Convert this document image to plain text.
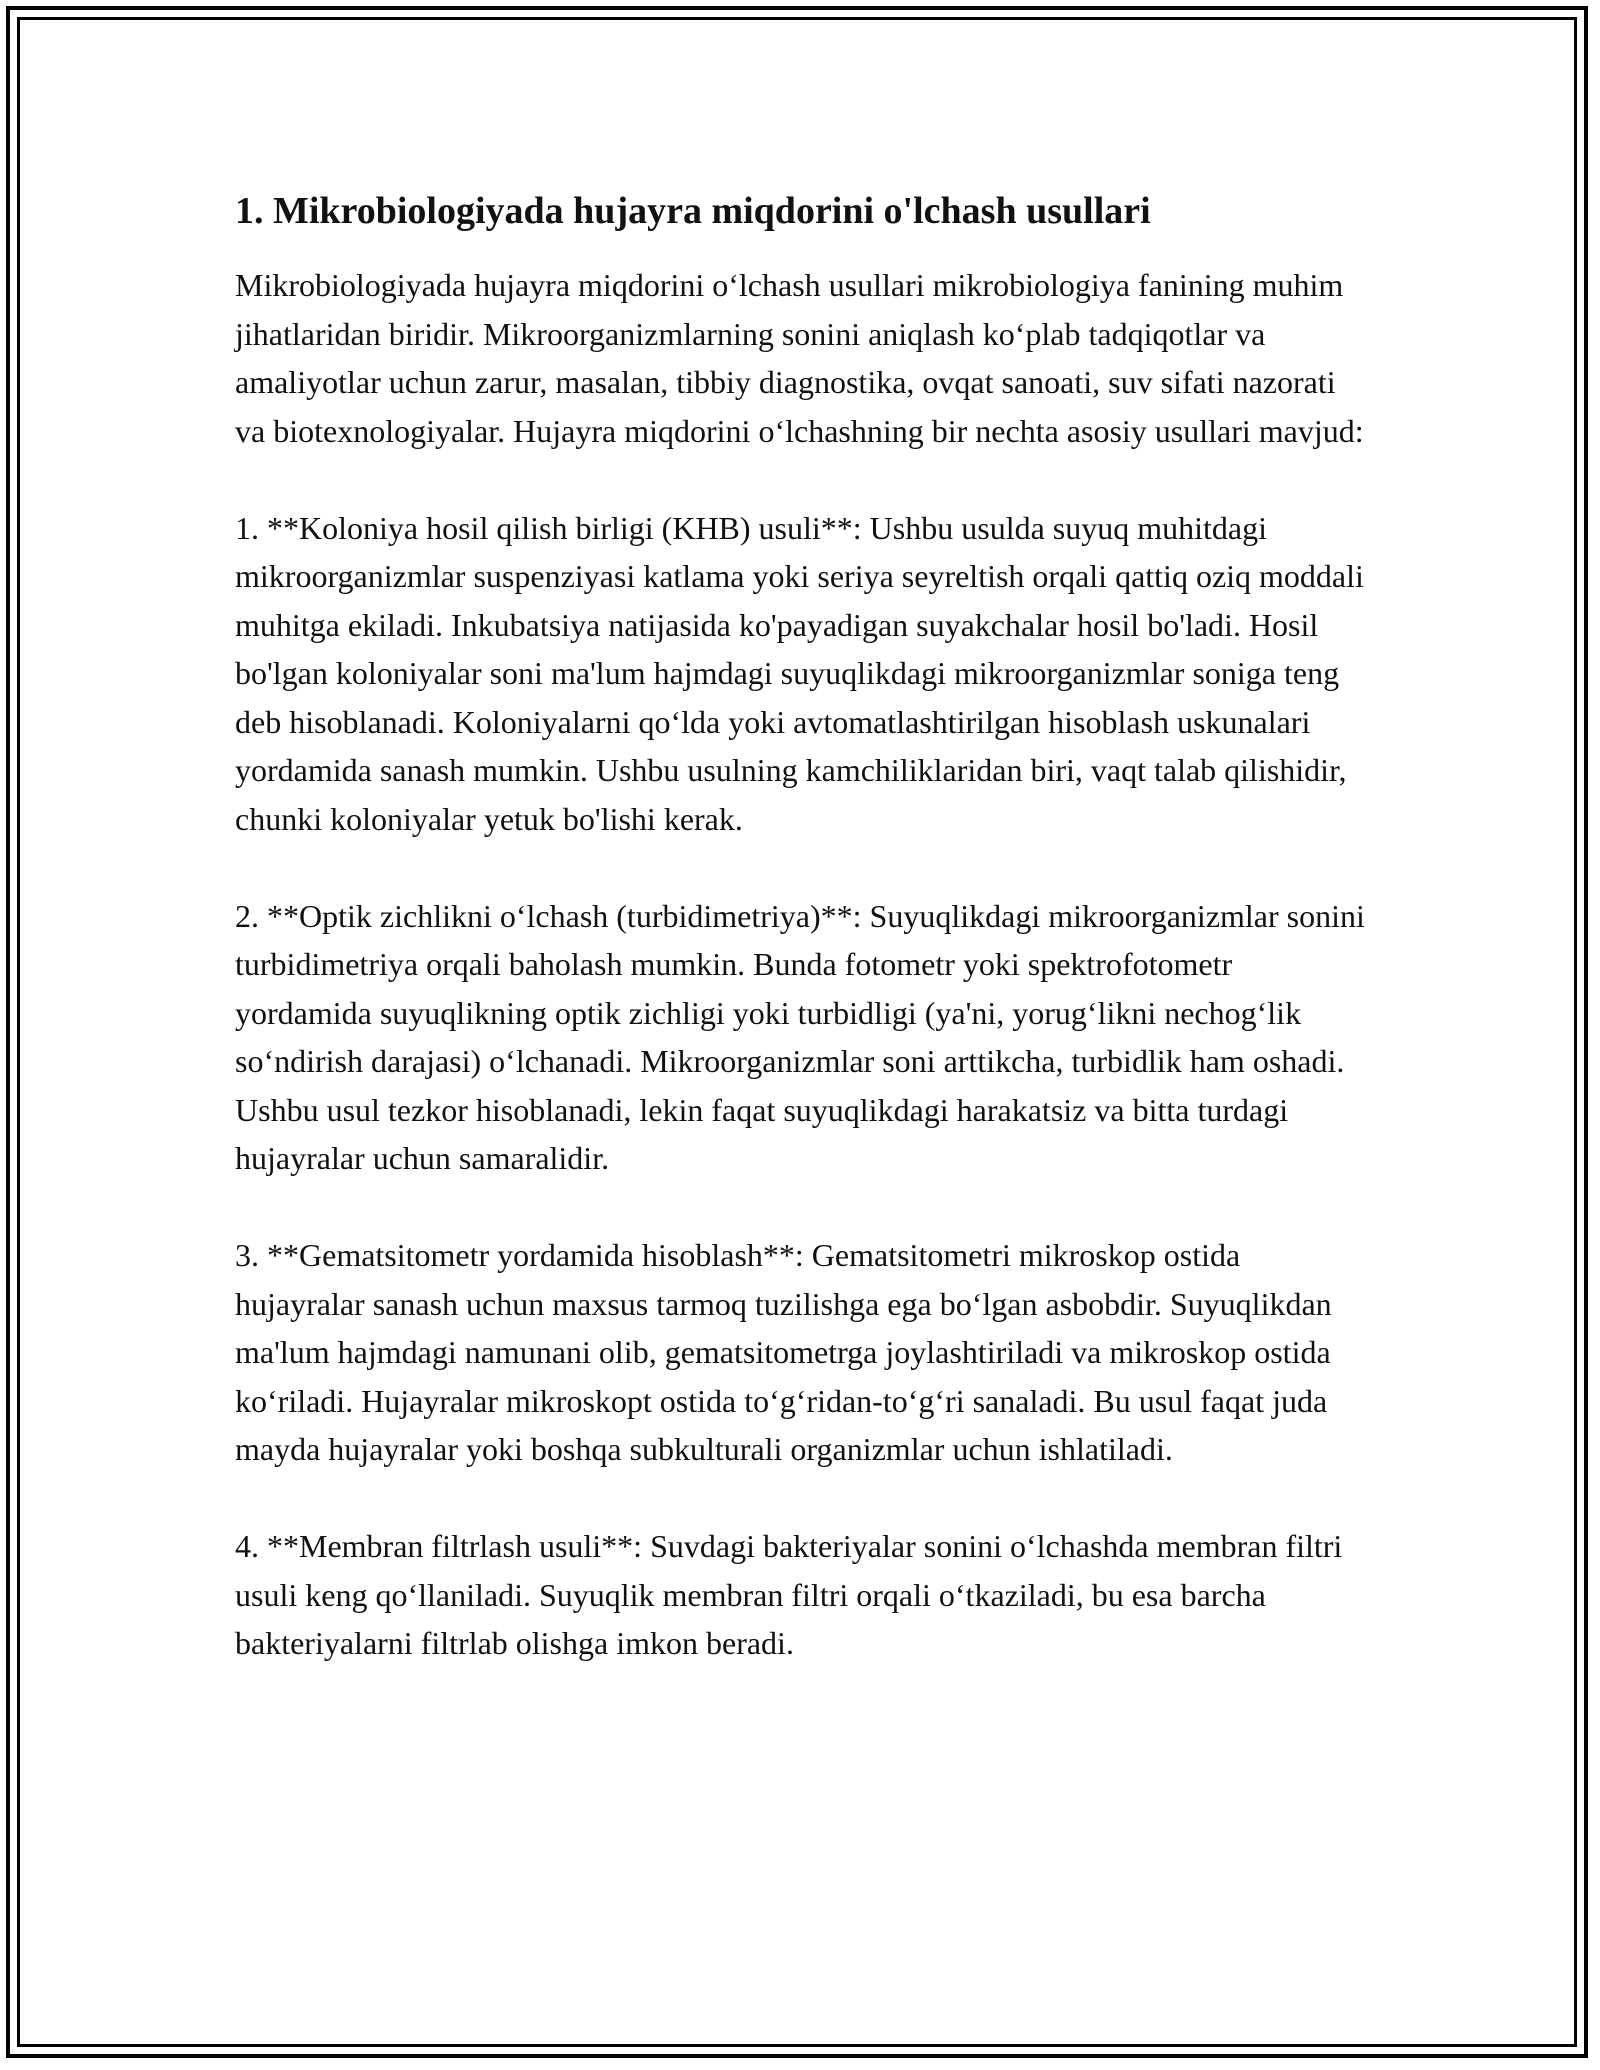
1. Mikrobiologiyada hujayra miqdorini o'lchash usullari

Mikrobiologiyada hujayra miqdorini o‘lchash usullari mikrobiologiya fanining muhim jihatlaridan biridir. Mikroorganizmlarning sonini aniqlash ko‘plab tadqiqotlar va amaliyotlar uchun zarur, masalan, tibbiy diagnostika, ovqat sanoati, suv sifati nazorati va biotexnologiyalar. Hujayra miqdorini o‘lchashning bir nechta asosiy usullari mavjud:

1. **Koloniya hosil qilish birligi (KHB) usuli**: Ushbu usulda suyuq muhitdagi mikroorganizmlar suspenziyasi katlama yoki seriya seyreltish orqali qattiq oziq moddali muhitga ekiladi. Inkubatsiya natijasida ko'payadigan suyakchalar hosil bo'ladi. Hosil bo'lgan koloniyalar soni ma'lum hajmdagi suyuqlikdagi mikroorganizmlar soniga teng deb hisoblanadi. Koloniyalarni qo‘lda yoki avtomatlashtirilgan hisoblash uskunalari yordamida sanash mumkin. Ushbu usulning kamchiliklaridan biri, vaqt talab qilishidir, chunki koloniyalar yetuk bo'lishi kerak.

2. **Optik zichlikni o‘lchash (turbidimetriya)**: Suyuqlikdagi mikroorganizmlar sonini turbidimetriya orqali baholash mumkin. Bunda fotometr yoki spektrofotometr yordamida suyuqlikning optik zichligi yoki turbidligi (ya'ni, yorug‘likni nechog‘lik so‘ndirish darajasi) o‘lchanadi. Mikroorganizmlar soni arttikcha, turbidlik ham oshadi. Ushbu usul tezkor hisoblanadi, lekin faqat suyuqlikdagi harakatsiz va bitta turdagi hujayralar uchun samaralidir.

3. **Gematsitometr yordamida hisoblash**: Gematsitometri mikroskop ostida hujayralar sanash uchun maxsus tarmoq tuzilishga ega bo‘lgan asbobdir. Suyuqlikdan ma'lum hajmdagi namunani olib, gematsitometrga joylashtiriladi va mikroskop ostida ko‘riladi. Hujayralar mikroskopt ostida to‘g‘ridan-to‘g‘ri sanaladi. Bu usul faqat juda mayda hujayralar yoki boshqa subkulturali organizmlar uchun ishlatiladi.

4. **Membran filtrlash usuli**: Suvdagi bakteriyalar sonini o‘lchashda membran filtri usuli keng qo‘llaniladi. Suyuqlik membran filtri orqali o‘tkaziladi, bu esa barcha bakteriyalarni filtrlab olishga imkon beradi.
